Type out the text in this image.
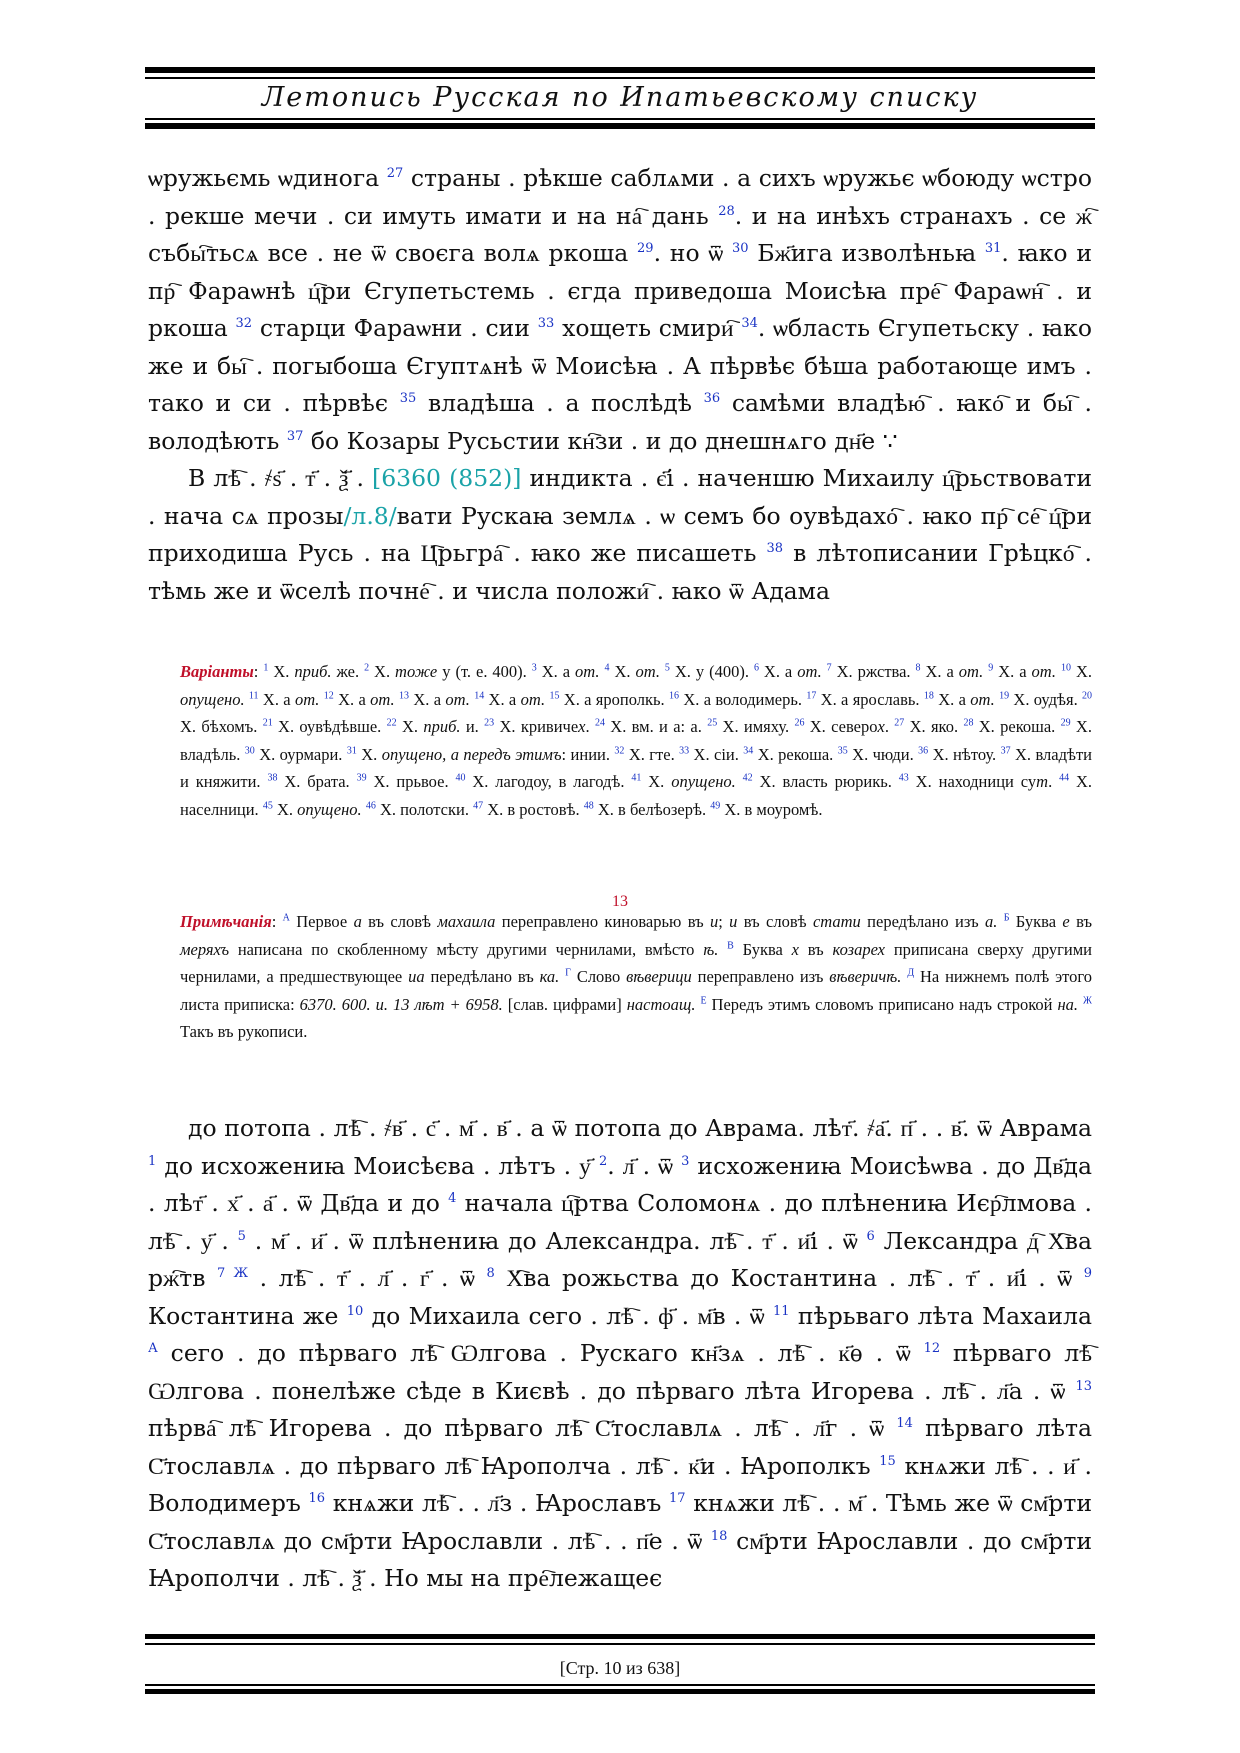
Летопись Русская по Ипатьевскому списку

ѡружьємь ѡдинога $^{27}$ страны . рѣкше саблѧми . а сихъ ѡружьє ѡбоюду ѡстро . рекше мечи . си имуть имати и на на҇ дань $^{28}$. и на инѣхъ странахъ . се ж҇ събы҇тьсѧ все . не ѿ своєга волѧ ркоша $^{29}$. но ѿ $^{30}$ Бж҃ига изволѣньꙗ $^{31}$. ꙗко и пр҇ Фараѡнѣ ц҇ри Єгупетьстемь . єгда приведоша Моисѣꙗ пре҇ Фараѡн҇ . и ркоша $^{32}$ старци Фараѡни . сии $^{33}$ хощеть смири҇ $^{34}$. ѡбласть Єгупетьску . ꙗко же и бы҇ . погыбоша Єгуптѧнѣ ѿ Моисѣꙗ . А пѣрвѣє бѣша работающе имъ . тако и си . пѣрвѣє $^{35}$ владѣша . а послѣдѣ $^{36}$ самѣми владѣю҇ . ꙗко҇ и бы҇ . володѣють $^{37}$ бо Козары Русьстии кн҇зи . и до днешнѧго дн҃е ∵

В лѣ҇ . ҂ѕ҃ . т҃ . ѯ҃ . [6360 (852)] индикта . є҃і . наченшю Михаилу ц҇рьствовати . нача сѧ прозы/л.8/вати Рускаꙗ землѧ . ѡ семъ бо оувѣдахо҇ . ꙗко пр҇ се҇ ц҇ри приходиша Русь . на Ц҇рьгра҇ . ꙗко же писашеть $^{38}$ в лѣтописании Грѣцко҇ . тѣмь же и ѿселѣ почне҇ . и числа положи҇ . ꙗко ѿ Адама

Варіанты: $^1$ Х. приб. же. $^2$ Х. тоже у (т. е. 400). $^3$ Х. а от. $^4$ Х. от. $^5$ Х. у (400). $^6$ Х. а от. $^7$ Х. ржства. $^8$ Х. а от. $^9$ Х. а от. $^{10}$ Х. опущено. $^{11}$ Х. а от. $^{12}$ Х. а от. $^{13}$ Х. а от. $^{14}$ Х. а от. $^{15}$ Х. а ярополкь. $^{16}$ Х. а володимерь. $^{17}$ Х. а ярославь. $^{18}$ Х. а от. $^{19}$ Х. оудѣя. $^{20}$ Х. бѣхомъ. $^{21}$ Х. оувѣдѣвше. $^{22}$ Х. приб. и. $^{23}$ Х. кривичех. $^{24}$ Х. вм. и а: а. $^{25}$ Х. имяху. $^{26}$ Х. северох. $^{27}$ Х. яко. $^{28}$ Х. рекоша. $^{29}$ Х. владѣль. $^{30}$ Х. оурмари. $^{31}$ Х. опущено, а передъ этимъ: инии. $^{32}$ Х. гте. $^{33}$ Х. сіи. $^{34}$ Х. рекоша. $^{35}$ Х. чюди. $^{36}$ Х. нѣтоу. $^{37}$ Х. владѣти и княжити. $^{38}$ Х. брата. $^{39}$ Х. прьвое. $^{40}$ Х. лагодоу, в лагодѣ. $^{41}$ Х. опущено. $^{42}$ Х. власть рюрикь. $^{43}$ Х. находници сут. $^{44}$ Х. населници. $^{45}$ Х. опущено. $^{46}$ Х. полотски. $^{47}$ Х. в ростовѣ. $^{48}$ Х. в белѣозерѣ. $^{49}$ Х. в моуромѣ.

13

Примѣчанія: $^А$ Первое а въ словѣ махаила переправлено киноварью въ и; и въ словѣ стати передѣлано изъ а. $^Б$ Буква е въ меряхъ написана по скобленному мѣсту другими чернилами, вмѣсто ѣ. $^В$ Буква х въ козарех приписана сверху другими чернилами, а предшествующее иа передѣлано въ ка. $^Г$ Слово вѣверици переправлено изъ вѣверичѣ. $^Д$ На нижнемъ полѣ этого листа приписка: 6370. 600. и. 13 лѣт + 6958. [слав. цифрами] настоащ. $^Е$ Передъ этимъ словомъ приписано надъ строкой на. $^Ж$ Такъ въ рукописи.

до потопа . лѣ҇ . ҂в҃ . с҃ . м҃ . в҃ . а ѿ потопа до Аврама. лѣт҃. ҂а҃. п҃ . . в҃. ѿ Аврама $^1$ до исхожениꙗ Моисѣєва . лѣтъ . у҃ $^2$. л҃ . ѿ $^3$ исхожениꙗ Моисѣѡва . до Дв҃да . лѣт҃ . х҃ . а҃ . ѿ Дв҃да и до $^4$ начала ц҇ртва Соломонѧ . до плѣнениꙗ Иєр҇лмова . лѣ҇ . у҃ . $^5$ . м҃ . и҃ . ѿ плѣнениꙗ до Александра. лѣ҇ . т҃ . и҃і . ѿ $^6$ Лександра д҇ Х҇ва рж҇тв $^{7 Ж}$ . лѣ҇ . т҃ . л҃ . г҃ . ѿ $^8$ Х҇ва рожьства до Костантина . лѣ҇ . т҃ . и҃і . ѿ $^9$ Костантина же $^{10}$ до Михаила сего . лѣ҇ . ф҃ . м҃в . ѿ $^{11}$ пѣрьваго лѣта Махаила $^А$ сего . до пѣрваго лѣ҇ Ѡлгова . Рускаго кн҃зѧ . лѣ҇ . к҃ѳ . ѿ $^{12}$ пѣрваго лѣ҇ Ѡлгова . понелѣже сѣде в Києвѣ . до пѣрваго лѣта Игорева . лѣ҇ . л҃а . ѿ $^{13}$ пѣрва҇ лѣ҇ Игорева . до пѣрваго лѣ҇ С҃тославлѧ . лѣ҇ . л҃г . ѿ $^{14}$ пѣрваго лѣта С҃тославлѧ . до пѣрваго лѣ҇ Ꙗрополча . лѣ҇ . к҃и . Ꙗрополкъ $^{15}$ кнѧжи лѣ҇ . . и҃ . Володимеръ $^{16}$ кнѧжи лѣ҇ . . л҃з . Ꙗрославъ $^{17}$ кнѧжи лѣ҇ . . м҃ . Тѣмь же ѿ см҃рти С҃тославлѧ до см҃рти Ꙗрославли . лѣ҇ . . п҃е . ѿ $^{18}$ см҃рти Ꙗрославли . до см҃рти Ꙗрополчи . лѣ҇ . ѯ҃ . Но мы на пре҇лежащеє

[Стр. 10 из 638]
